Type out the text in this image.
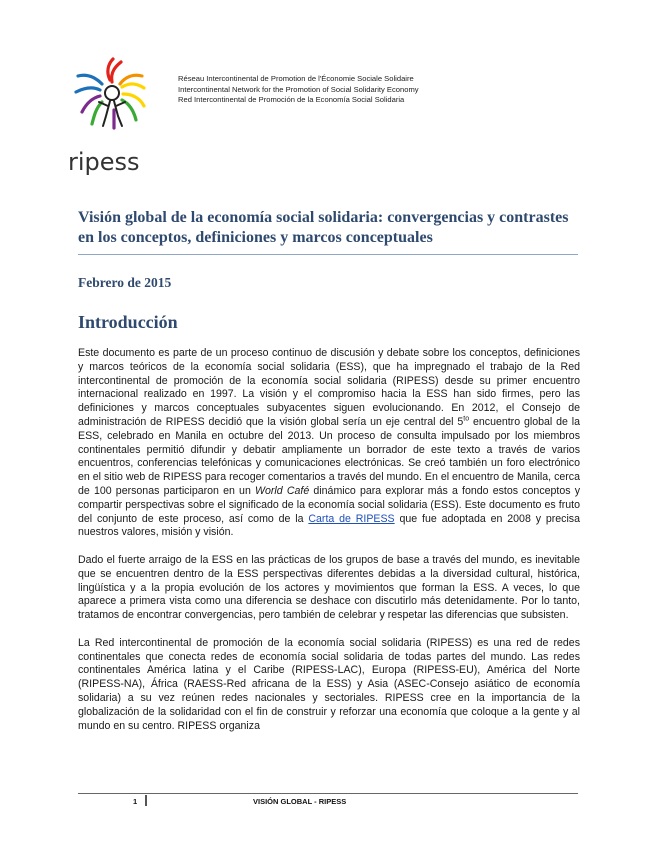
ripess
Réseau Intercontinental de Promotion de l'Économie Sociale Solidaire
Intercontinental Network for the Promotion of Social Solidarity Economy
Red Intercontinental de Promoción de la Economía Social Solidaria
Visión global de la economía social solidaria: convergencias y contrastes en los conceptos, definiciones y marcos conceptuales
Febrero de 2015
Introducción

Este documento es parte de un proceso continuo de discusión y debate sobre los conceptos, definiciones y marcos teóricos de la economía social solidaria (ESS), que ha impregnado el trabajo de la Red intercontinental de promoción de la economía social solidaria (RIPESS) desde su primer encuentro internacional realizado en 1997. La visión y el compromiso hacia la ESS han sido firmes, pero las definiciones y marcos conceptuales subyacentes siguen evolucionando. En 2012, el Consejo de administración de RIPESS decidió que la visión global sería un eje central del $5^{to}$ encuentro global de la ESS, celebrado en Manila en octubre del 2013. Un proceso de consulta impulsado por los miembros continentales permitió difundir y debatir ampliamente un borrador de este texto a través de varios encuentros, conferencias telefónicas y comunicaciones electrónicas. Se creó también un foro electrónico en el sitio web de RIPESS para recoger comentarios a través del mundo. En el encuentro de Manila, cerca de 100 personas participaron en un World Café dinámico para explorar más a fondo estos conceptos y compartir perspectivas sobre el significado de la economía social solidaria (ESS). Este documento es fruto del conjunto de este proceso, así como de la Carta de RIPESS que fue adoptada en 2008 y precisa nuestros valores, misión y visión.

Dado el fuerte arraigo de la ESS en las prácticas de los grupos de base a través del mundo, es inevitable que se encuentren dentro de la ESS perspectivas diferentes debidas a la diversidad cultural, histórica, lingüística y a la propia evolución de los actores y movimientos que forman la ESS. A veces, lo que aparece a primera vista como una diferencia se deshace con discutirlo más detenidamente. Por lo tanto, tratamos de encontrar convergencias, pero también de celebrar y respetar las diferencias que subsisten.

La Red intercontinental de promoción de la economía social solidaria (RIPESS) es una red de redes continentales que conecta redes de economía social solidaria de todas partes del mundo. Las redes continentales América latina y el Caribe (RIPESS-LAC), Europa (RIPESS-EU), América del Norte (RIPESS-NA), África (RAESS-Red africana de la ESS) y Asia (ASEC-Consejo asiático de economía solidaria) a su vez reúnen redes nacionales y sectoriales. RIPESS cree en la importancia de la globalización de la solidaridad con el fin de construir y reforzar una economía que coloque a la gente y al mundo en su centro. RIPESS organiza

1	VISIÓN GLOBAL - RIPESS
